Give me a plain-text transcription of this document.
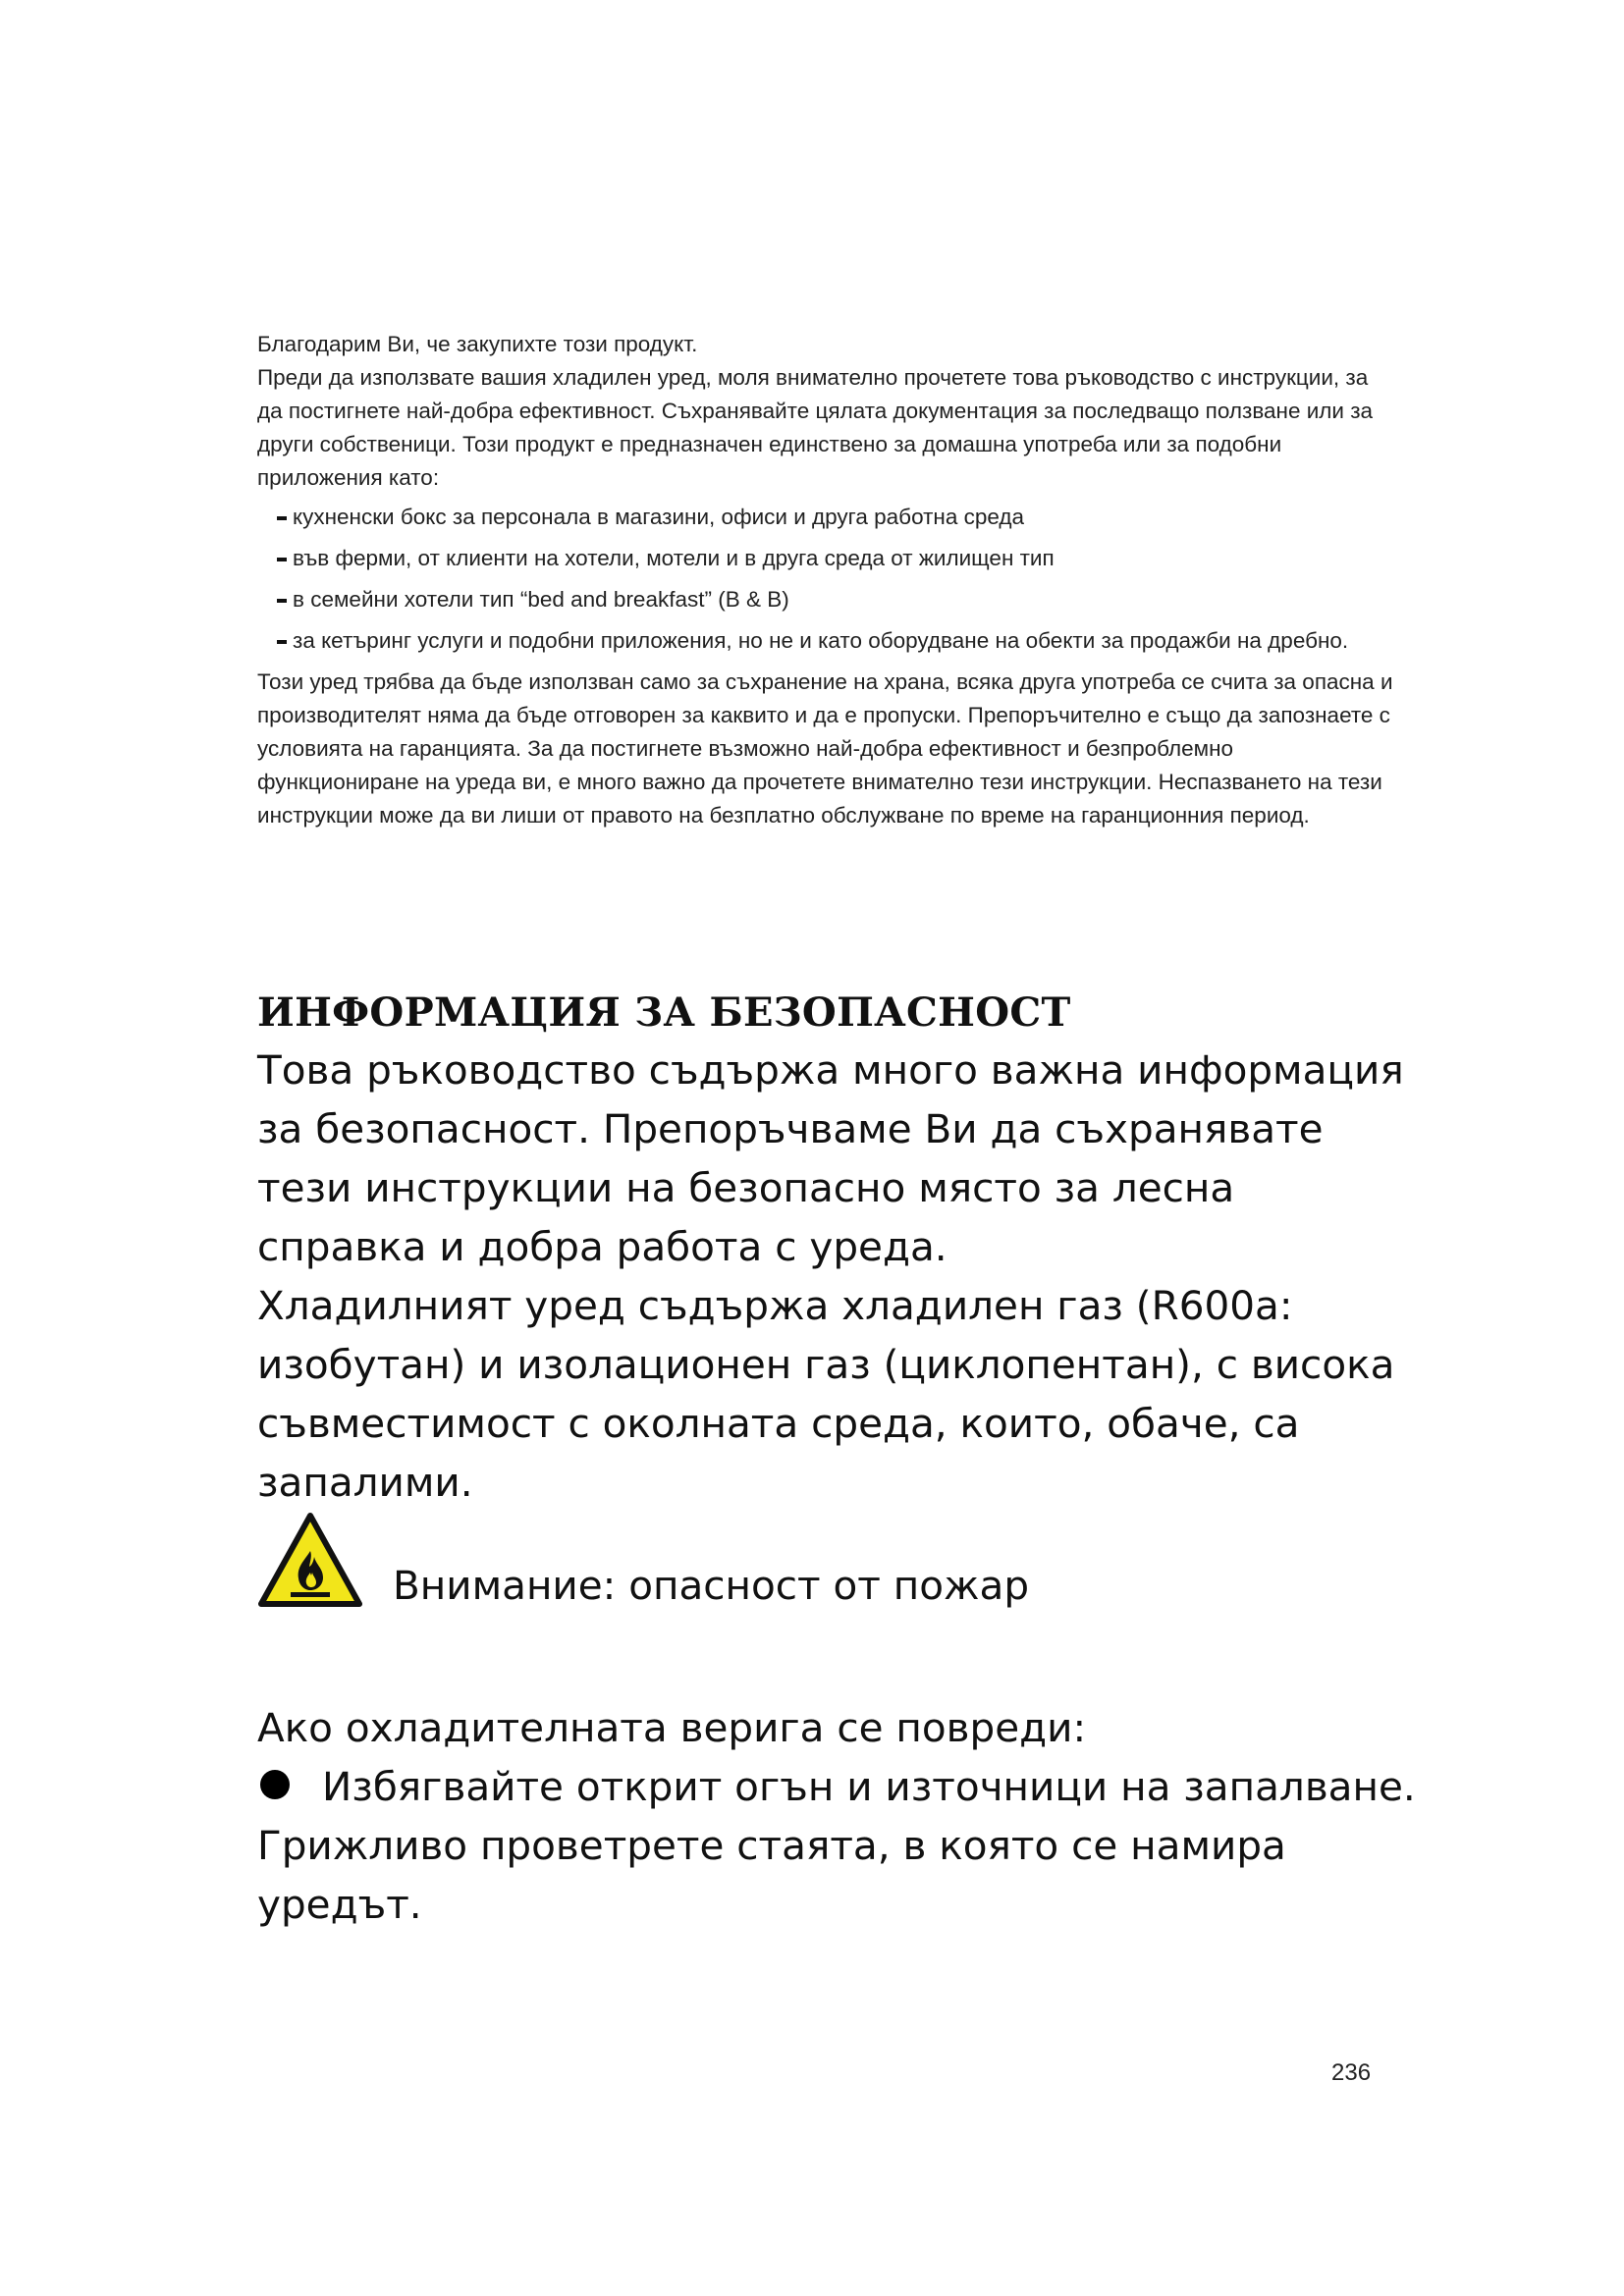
Благодарим Ви, че закупихте този продукт.

Преди да използвате вашия хладилен уред, моля внимателно прочетете това ръководство с инструкции, за да постигнете най-добра ефективност. Съхранявайте цялата документация за последващо ползване или за други собственици. Този продукт е предназначен единствено за домашна употреба или за подобни приложения като:

кухненски бокс за персонала в магазини, офиси и друга работна среда
във ферми, от клиенти на хотели, мотели и в друга среда от жилищен тип
в семейни хотели тип “bed and breakfast” (B & B)
за кетъринг услуги и подобни приложения, но не и като оборудване на обекти за продажби на дребно.

Този уред трябва да бъде използван само за съхранение на храна, всяка друга употреба се счита за опасна и производителят няма да бъде отговорен за каквито и да е пропуски. Препоръчително е също да запознаете с условията на гаранцията. За да постигнете възможно най-добра ефективност и безпроблемно функциониране на уреда ви, е много важно да прочетете внимателно тези инструкции. Неспазването на тези инструкции може да ви лиши от правото на безплатно обслужване по време на гаранционния период.

ИНФОРМАЦИЯ ЗА БЕЗОПАСНОСТ

Това ръководство съдържа много важна информация за безопасност. Препоръчваме Ви да съхранявате тези инструкции на безопасно място за лесна справка и добра работа с уреда.

Хладилният уред съдържа хладилен газ (R600a: изобутан) и изолационен газ (циклопентан), с висока съвместимост с околната среда, които, обаче, са запалими.

Внимание: опасност от пожар

Ако охладителната верига се повреди:

Избягвайте открит огън и източници на запалване.

Грижливо проветрете стаята, в която се намира уредът.

236
